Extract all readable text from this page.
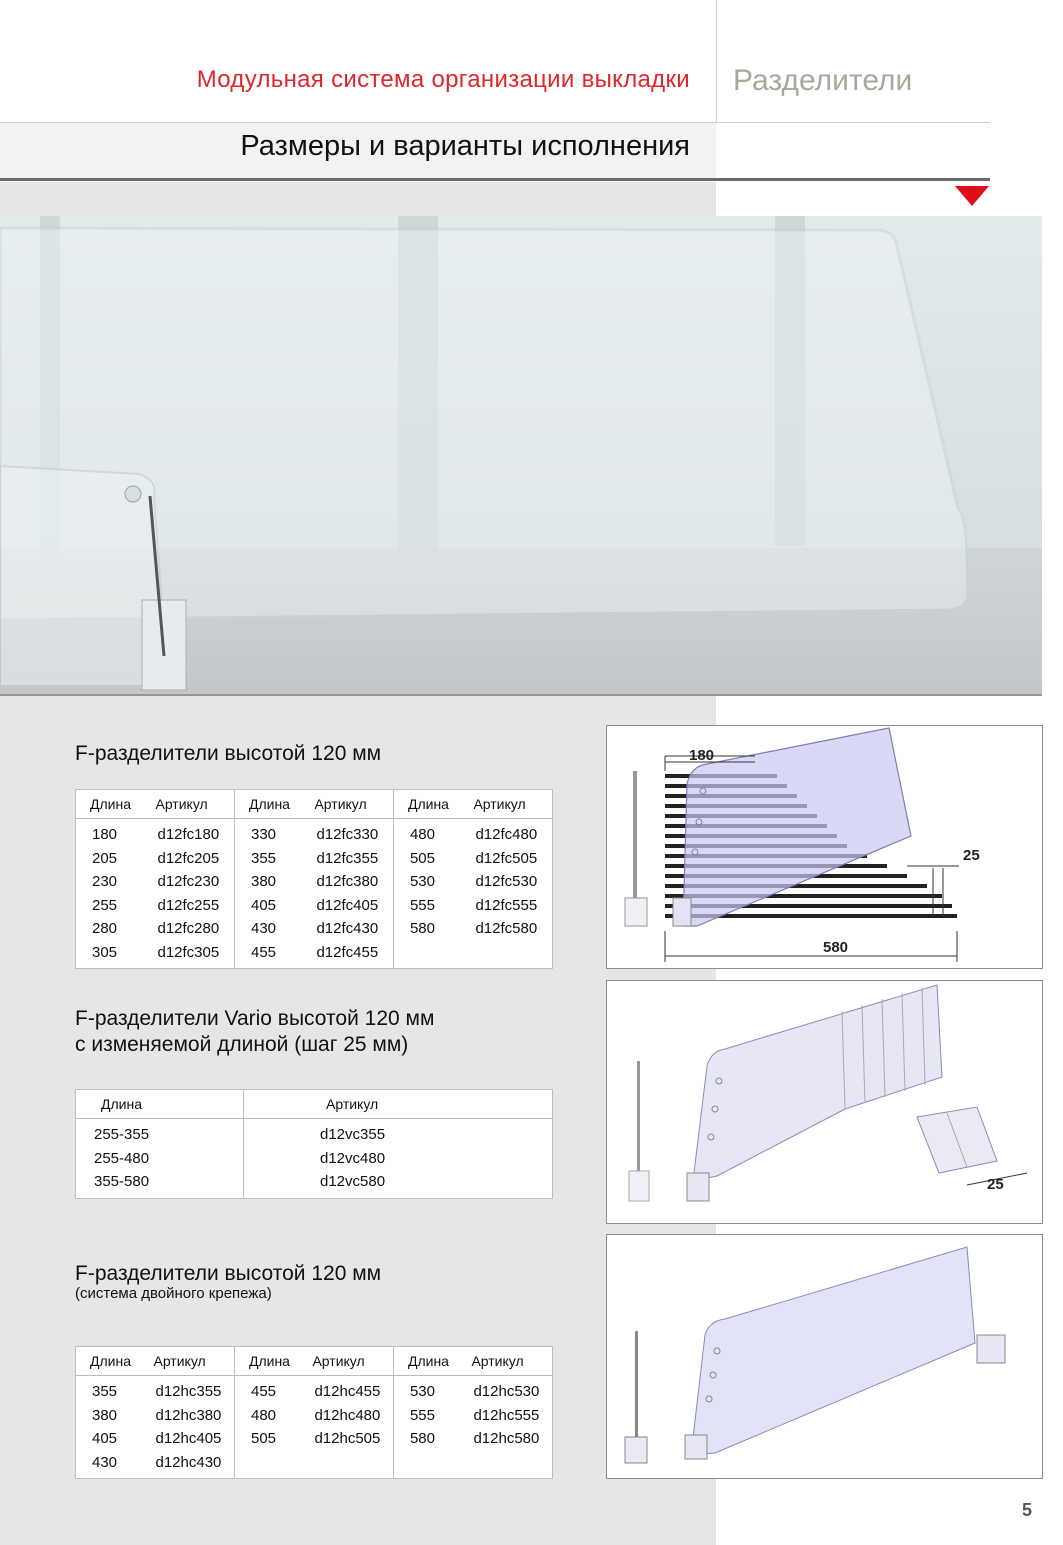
Модульная система организации выкладки Разделители
Размеры и варианты исполнения
F-разделители высотой 120 мм
Длина	Артикул	Длина	Артикул	Длина	Артикул
180	d12fc180	330	d12fc330	480	d12fc480
205	d12fc205	355	d12fc355	505	d12fc505
230	d12fc230	380	d12fc380	530	d12fc530
255	d12fc255	405	d12fc405	555	d12fc555
280	d12fc280	430	d12fc430	580	d12fc580
305	d12fc305	455	d12fc455		
180
25
580
F-разделители Vario высотой 120 мм
с изменяемой длиной (шаг 25 мм)
Длина	Артикул
255-355	d12vc355
255-480	d12vc480
355-580	d12vc580	25
F-разделители высотой 120 мм
(система двойного крепежа)
Длина	Артикул	Длина	Артикул	Длина	Артикул
355	d12hc355	455	d12hc455	530	d12hc530
380	d12hc380	480	d12hc480	555	d12hc555
405	d12hc405	505	d12hc505	580	d12hc580
430	d12hc430				
5
